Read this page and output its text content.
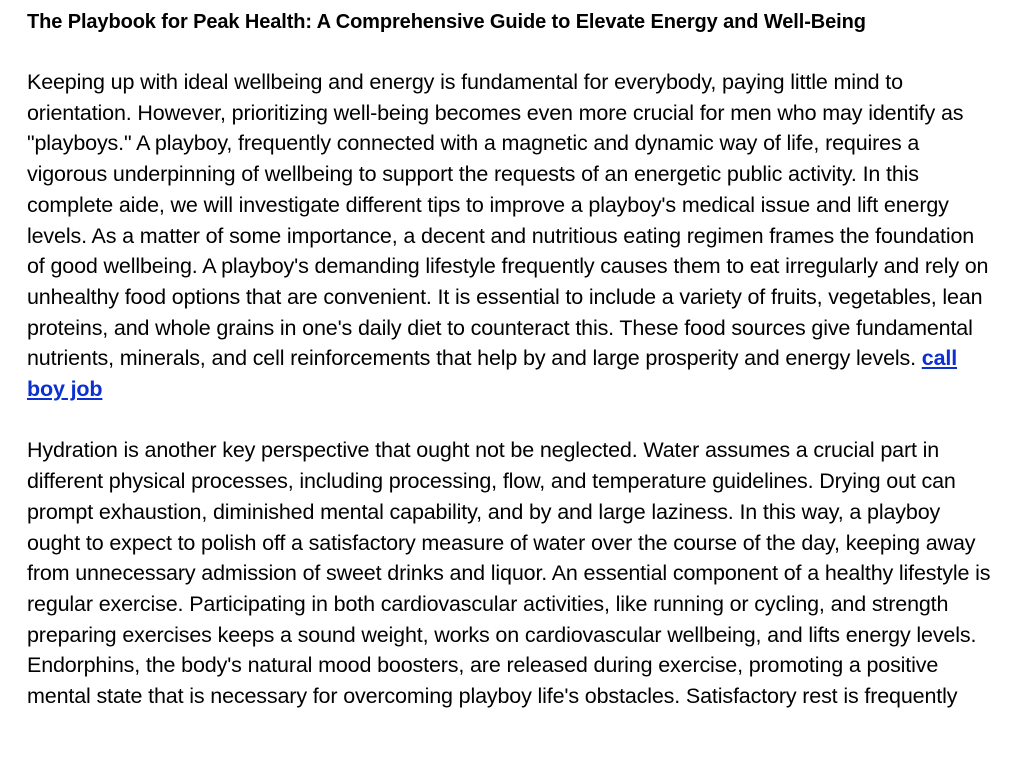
The Playbook for Peak Health: A Comprehensive Guide to Elevate Energy and Well-Being

Keeping up with ideal wellbeing and energy is fundamental for everybody, paying little mind to orientation. However, prioritizing well-being becomes even more crucial for men who may identify as "playboys." A playboy, frequently connected with a magnetic and dynamic way of life, requires a vigorous underpinning of wellbeing to support the requests of an energetic public activity. In this complete aide, we will investigate different tips to improve a playboy's medical issue and lift energy levels. As a matter of some importance, a decent and nutritious eating regimen frames the foundation of good wellbeing. A playboy's demanding lifestyle frequently causes them to eat irregularly and rely on unhealthy food options that are convenient. It is essential to include a variety of fruits, vegetables, lean proteins, and whole grains in one's daily diet to counteract this. These food sources give fundamental nutrients, minerals, and cell reinforcements that help by and large prosperity and energy levels. call boy job

Hydration is another key perspective that ought not be neglected. Water assumes a crucial part in different physical processes, including processing, flow, and temperature guidelines. Drying out can prompt exhaustion, diminished mental capability, and by and large laziness. In this way, a playboy ought to expect to polish off a satisfactory measure of water over the course of the day, keeping away from unnecessary admission of sweet drinks and liquor. An essential component of a healthy lifestyle is regular exercise. Participating in both cardiovascular activities, like running or cycling, and strength preparing exercises keeps a sound weight, works on cardiovascular wellbeing, and lifts energy levels. Endorphins, the body's natural mood boosters, are released during exercise, promoting a positive mental state that is necessary for overcoming playboy life's obstacles. Satisfactory rest is frequently
